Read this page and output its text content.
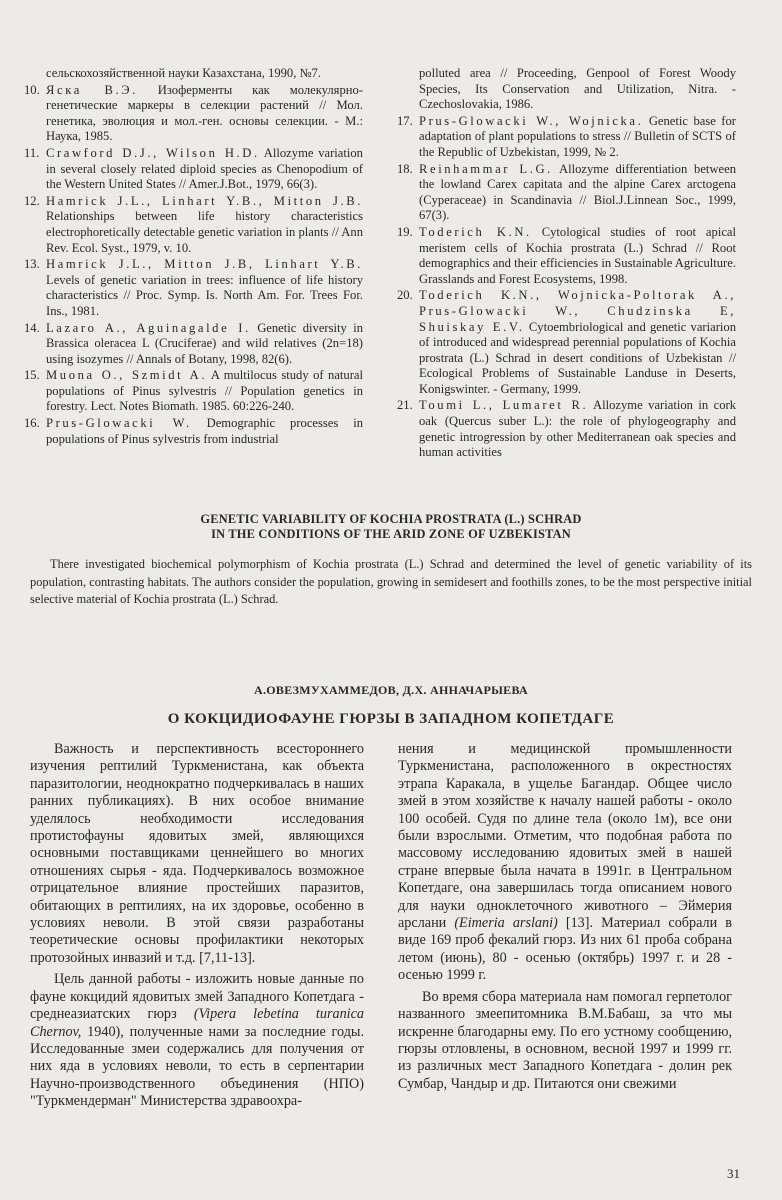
сельскохозяйственной науки Казахстана, 1990, №7.
10. Яска В.Э. Изоферменты как молекулярно-генетические маркеры в селекции растений // Мол. генетика, эволюция и мол.-ген. основы селекции. - М.: Наука, 1985.
11. Crawford D.J., Wilson H.D. Allozyme variation in several closely related diploid species as Chenopodium of the Western United States // Amer.J.Bot., 1979, 66(3).
12. Hamrick J.L., Linhart Y.B., Mitton J.B. Relationships between life history characteristics electrophoretically detectable genetic variation in plants // Ann Rev. Ecol. Syst., 1979, v. 10.
13. Hamrick J.L., Mitton J.B, Linhart Y.B. Levels of genetic variation in trees: influence of life history characteristics // Proc. Symp. Is. North Am. For. Trees For. Ins., 1981.
14. Lazaro A., Aguinagalde I. Genetic diversity in Brassica oleracea L (Cruciferae) and wild relatives (2n=18) using isozymes // Annals of Botany, 1998, 82(6).
15. Muona O., Szmidt A. A multilocus study of natural populations of Pinus sylvestris // Population genetics in forestry. Lect. Notes Biomath. 1985. 60:226-240.
16. Prus-Glowacki W. Demographic processes in populations of Pinus sylvestris from industrial
polluted area // Proceeding, Genpool of Forest Woody Species, Its Conservation and Utilization, Nitra. - Czechoslovakia, 1986.
17. Prus-Glowacki W., Wojnicka. Genetic base for adaptation of plant populations to stress // Bulletin of SCTS of the Republic of Uzbekistan, 1999, № 2.
18. Reinhammar L.G. Allozyme differentiation between the lowland Carex capitata and the alpine Carex arctogena (Cyperaceae) in Scandinavia // Biol.J.Linnean Soc., 1999, 67(3).
19. Toderich K.N. Cytological studies of root apical meristem cells of Kochia prostrata (L.) Schrad // Root demographics and their efficiencies in Sustainable Agriculture. Grasslands and Forest Ecosystems, 1998.
20. Toderich K.N., Wojnicka-Poltorak A., Prus-Glowacki W., Chudzinska E, Shuiskay E.V. Cytoembriological and genetic variarion of introduced and widespread perennial populations of Kochia prostrata (L.) Schrad in desert conditions of Uzbekistan // Ecological Problems of Sustainable Landuse in Deserts, Konigswinter. - Germany, 1999.
21. Toumi L., Lumaret R. Allozyme variation in cork oak (Quercus suber L.): the role of phylogeography and genetic introgression by other Mediterranean oak species and human activities
GENETIC VARIABILITY OF KOCHIA PROSTRATA (L.) SCHRAD
IN THE CONDITIONS OF THE ARID ZONE OF UZBEKISTAN
There investigated biochemical polymorphism of Kochia prostrata (L.) Schrad and determined the level of genetic variability of its population, contrasting habitats. The authors consider the population, growing in semidesert and foothills zones, to be the most perspective initial selective material of Kochia prostrata (L.) Schrad.
А.ОВЕЗМУХАММЕДОВ, Д.Х. АННАЧАРЫЕВА
О КОКЦИДИОФАУНЕ ГЮРЗЫ В ЗАПАДНОМ КОПЕТДАГЕ

Важность и перспективность всестороннего изучения рептилий Туркменистана, как объекта паразитологии, неоднократно подчеркивалась в наших ранних публикациях). В них особое внимание уделялось необходимости исследования протистофауны ядовитых змей, являющихся основными поставщиками ценнейшего во многих отношениях сырья - яда. Подчеркивалось возможное отрицательное влияние простейших паразитов, обитающих в рептилиях, на их здоровье, особенно в условиях неволи. В этой связи разработаны теоретические основы профилактики некоторых протозойных инвазий и т.д. [7,11-13].

Цель данной работы - изложить новые данные по фауне кокцидий ядовитых змей Западного Копетдага - среднеазиатских гюрз (Vipera lebetina turanica Chernov, 1940), полученные нами за последние годы. Исследованные змеи содержались для получения от них яда в условиях неволи, то есть в серпентарии Научно-производственного объединения (НПО) "Туркмендерман" Министерства здравоохра-

нения и медицинской промышленности Туркменистана, расположенного в окрестностях этрапа Каракала, в ущелье Багандар. Общее число змей в этом хозяйстве к началу нашей работы - около 100 особей. Судя по длине тела (около 1м), все они были взрослыми. Отметим, что подобная работа по массовому исследованию ядовитых змей в нашей стране впервые была начата в 1991г. в Центральном Копетдаге, она завершилась тогда описанием нового для науки одноклеточного животного – Эймерия арслани (Eimeria arslani) [13]. Материал собрали в виде 169 проб фекалий гюрз. Из них 61 проба собрана летом (июнь), 80 - осенью (октябрь) 1997 г. и 28 - осенью 1999 г.

Во время сбора материала нам помогал герпетолог названного змеепитомника В.М.Бабаш, за что мы искренне благодарны ему. По его устному сообщению, гюрзы отловлены, в основном, весной 1997 и 1999 гг. из различных мест Западного Копетдага - долин рек Сумбар, Чандыр и др. Питаются они свежими

31
